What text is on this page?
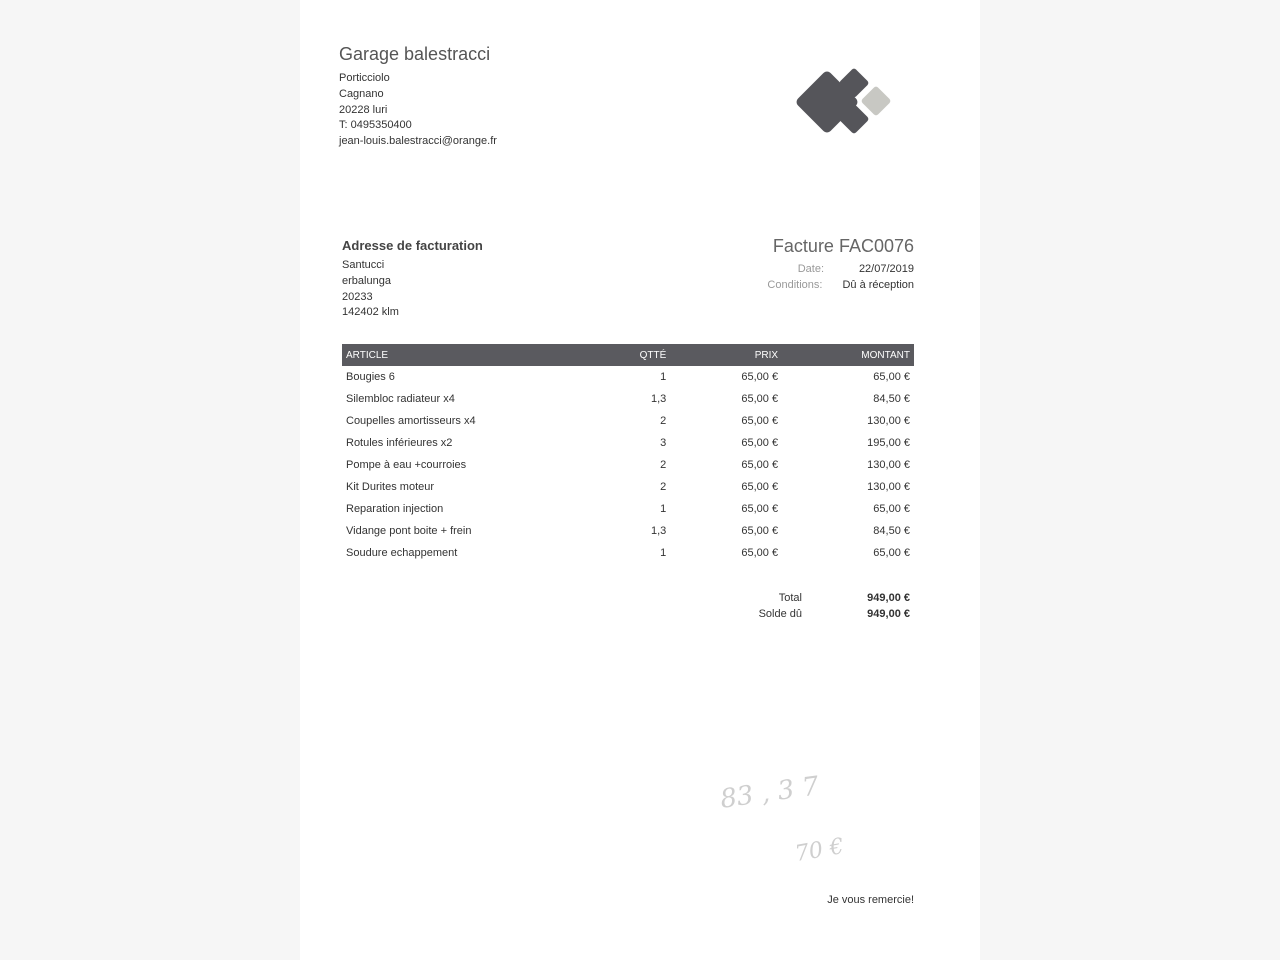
Garage balestracci
Porticciolo
Cagnano
20228 luri
T: 0495350400
jean-louis.balestracci@orange.fr
Adresse de facturation
Santucci
erbalunga
20233
142402 klm
Facture FAC0076
Date:	22/07/2019
Conditions: Dû à réception
ARTICLE	QTTÉ	PRIX	MONTANT
Bougies 6	1	65,00 €	65,00 €
Silembloc radiateur x4	1,3	65,00 €	84,50 €
Coupelles amortisseurs x4	2	65,00 €	130,00 €
Rotules inférieures x2	3	65,00 €	195,00 €
Pompe à eau +courroies	2	65,00 €	130,00 €
Kit Durites moteur	2	65,00 €	130,00 €
Reparation injection	1	65,00 €	65,00 €
Vidange pont boite + frein	1,3	65,00 €	84,50 €
Soudure echappement	1	65,00 €	65,00 €
Total	949,00 €
Solde dû	949,00 €
83 , 3 7
70 €
Je vous remercie!
